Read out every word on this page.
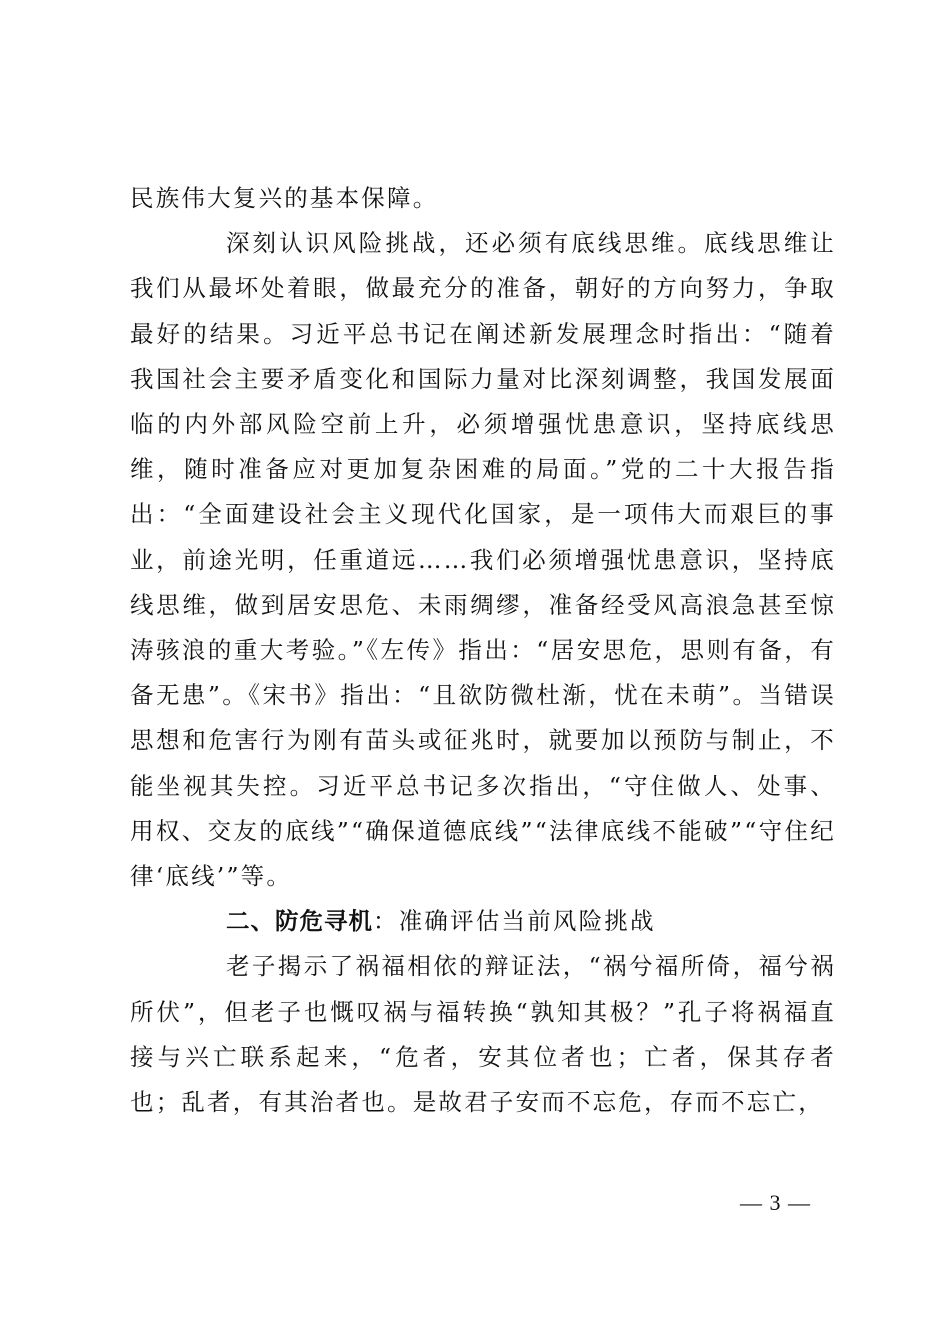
民族伟大复兴的基本保障。

深刻认识风险挑战，还必须有底线思维。底线思维让我们从最坏处着眼，做最充分的准备，朝好的方向努力，争取最好的结果。习近平总书记在阐述新发展理念时指出：“随着我国社会主要矛盾变化和国际力量对比深刻调整，我国发展面临的内外部风险空前上升，必须增强忧患意识，坚持底线思维，随时准备应对更加复杂困难的局面。”党的二十大报告指出：“全面建设社会主义现代化国家，是一项伟大而艰巨的事业，前途光明，任重道远……我们必须增强忧患意识，坚持底线思维，做到居安思危、未雨绸缪，准备经受风高浪急甚至惊涛骇浪的重大考验。”《左传》指出：“居安思危，思则有备，有备无患”。《宋书》指出：“且欲防微杜渐，忧在未萌”。当错误思想和危害行为刚有苗头或征兆时，就要加以预防与制止，不能坐视其失控。习近平总书记多次指出，“守住做人、处事、用权、交友的底线”“确保道德底线”“法律底线不能破”“守住纪律‘底线’”等。

二、防危寻机：准确评估当前风险挑战

老子揭示了祸福相依的辩证法，“祸兮福所倚，福兮祸所伏”，但老子也慨叹祸与福转换“孰知其极？”孔子将祸福直接与兴亡联系起来，“危者，安其位者也；亡者，保其存者也；乱者，有其治者也。是故君子安而不忘危，存而不忘亡，

— 3 —
